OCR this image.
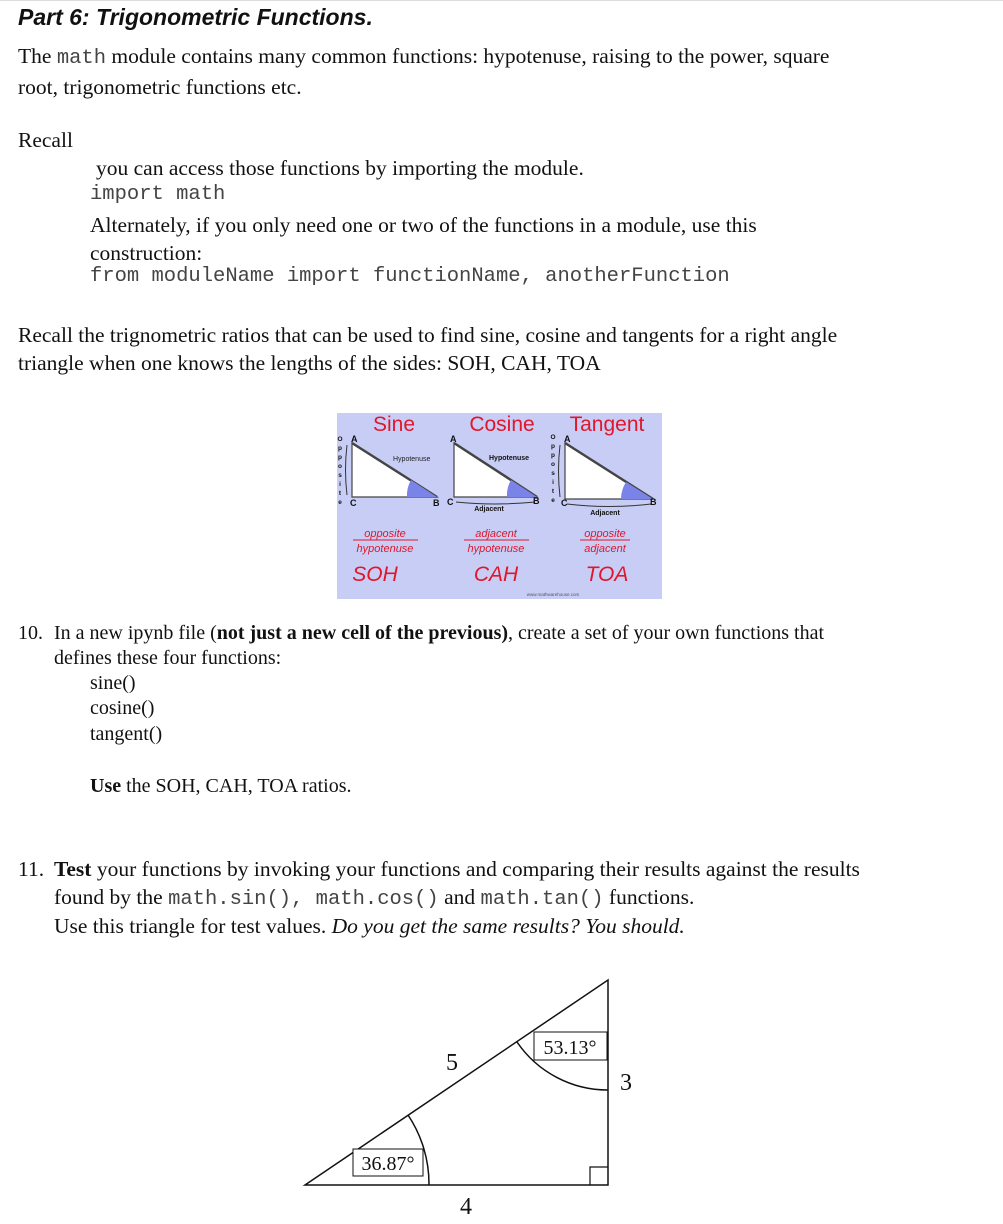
Part 6: Trigonometric Functions.
The math module contains many common functions: hypotenuse, raising to the power, square
root, trigonometric functions etc.
Recall
you can access those functions by importing the module.
import math
Alternately, if you only need one or two of the functions in a module, use this
construction:
from moduleName import functionName, anotherFunction
Recall the trignometric ratios that can be used to find sine, cosine and tangents for a right angle
triangle when one knows the lengths of the sides: SOH, CAH, TOA
Sine	Cosine Tangent
A
C	B
Hypotenuse
O
p
p
o
s
i
t
e
A
C	B
Hypotenuse
Adjacent
A
C	B
Adjacent
O
p
p
o
s
i
t
e
opposite
hypotenuse
adjacent
hypotenuse
opposite
adjacent
SOH	CAH	TOA
www.mathwarehouse.com
10. In a new ipynb file (not just a new cell of the previous), create a set of your own functions that
defines these four functions:
sine()
cosine()
tangent()
Use the SOH, CAH, TOA ratios.
11. Test your functions by invoking your functions and comparing their results against the results
found by the math.sin(), math.cos() and math.tan() functions.
Use this triangle for test values. Do you get the same results? You should.
36.87°
53.13°
5
3
4
